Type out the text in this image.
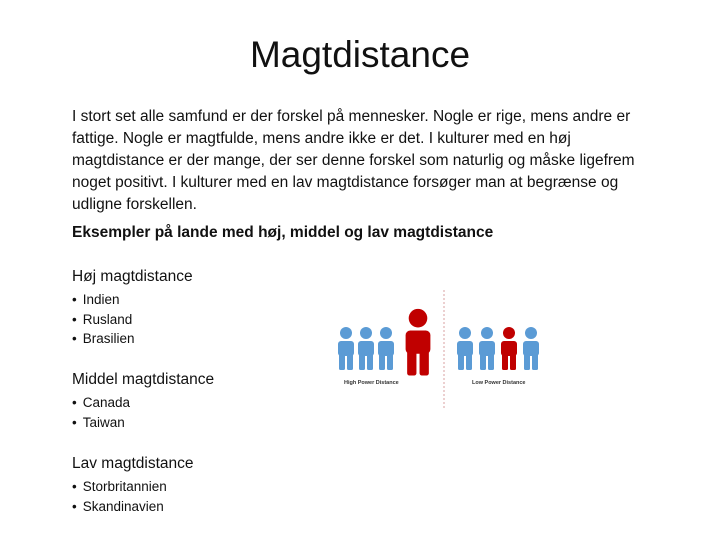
Magtdistance
I stort set alle samfund er der forskel på mennesker. Nogle er rige, mens andre er fattige. Nogle er magtfulde, mens andre ikke er det. I kulturer med en høj magtdistance er der mange, der ser denne forskel som naturlig og måske ligefrem noget positivt. I kulturer med en lav magtdistance forsøger man at begrænse og udligne forskellen.
Eksempler på lande med høj, middel og lav magtdistance
Høj magtdistance
• Indien
• Rusland
• Brasilien
Middel magtdistance
• Canada
• Taiwan
Lav magtdistance
• Storbritannien
• Skandinavien
High Power Distance	Low Power Distance
